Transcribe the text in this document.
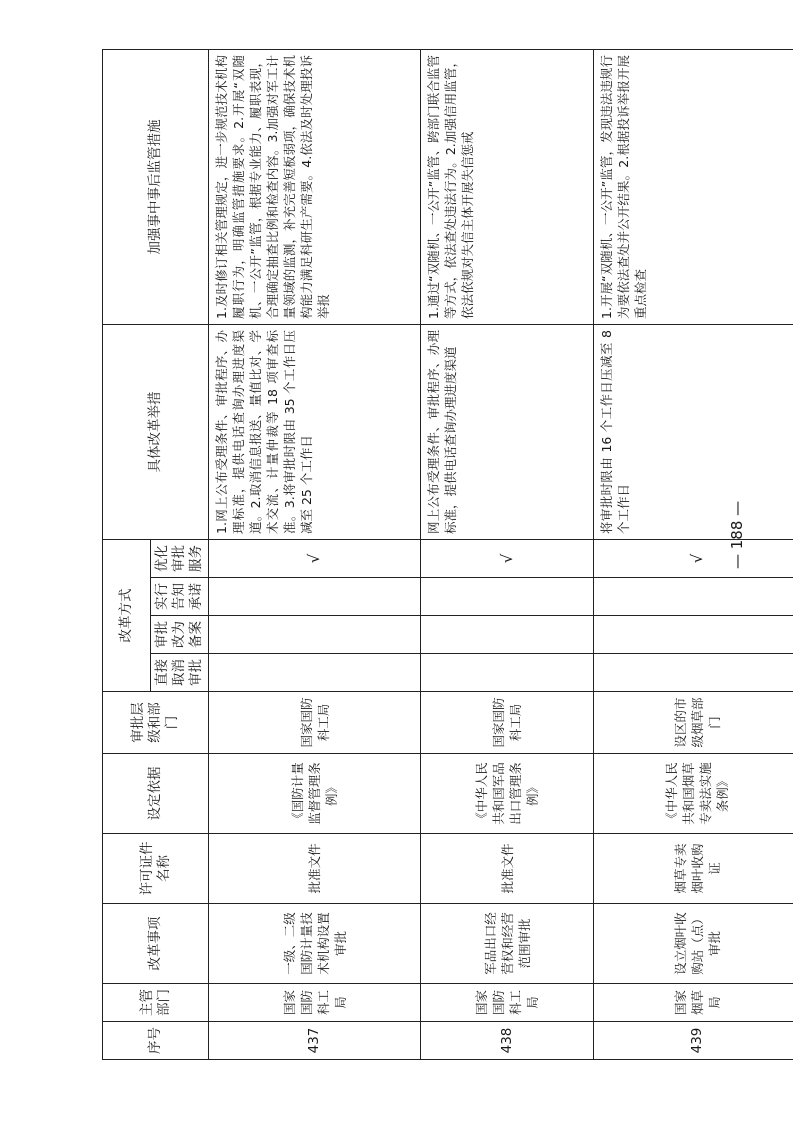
序号	主管部门	改革事项	许可证件名称	设定依据	审批层级和部门	改革方式				具体改革举措	加强事中事后监管措施
						直接取消审批	审批改为备案	实行告知承诺	优化审批服务		
437	国家国防科工局	一级、二级国防计量技术机构设置审批	批准文件	《国防计量监督管理条例》	国家国防科工局				√	1.网上公布受理条件、审批程序、办理标准，提供电话查询办理进度渠道。2.取消信息报送、量值比对、学术交流、计量仲裁等 18 项审查标准。3.将审批时限由 35 个工作日压减至 25 个工作日	1.及时修订相关管理规定，进一步规范技术机构履职行为，明确监管措施要求。2.开展“双随机、一公开”监管，根据专业能力、履职表现，合理确定抽查比例和检查内容。3.加强对军工计量领域的监测，补充完善短板弱项，确保技术机构能力满足科研生产需要。4.依法及时处理投诉举报
438	国家国防科工局	军品出口经营权和经营范围审批	批准文件	《中华人民共和国军品出口管理条例》	国家国防科工局				√	网上公布受理条件、审批程序、办理标准，提供电话查询办理进度渠道	1.通过“双随机、一公开”监管、跨部门联合监管等方式，依法查处违法行为。2.加强信用监管，依法依规对失信主体开展失信惩戒
439	国家烟草局	设立烟叶收购站（点）审批	烟草专卖烟叶收购证	《中华人民共和国烟草专卖法实施条例》	设区的市级烟草部门				√	将审批时限由 16 个工作日压减至 8 个工作日	1.开展“双随机、一公开”监管，发现违法违规行为要依法查处并公开结果。2.根据投诉举报开展重点检查
— 188 —
